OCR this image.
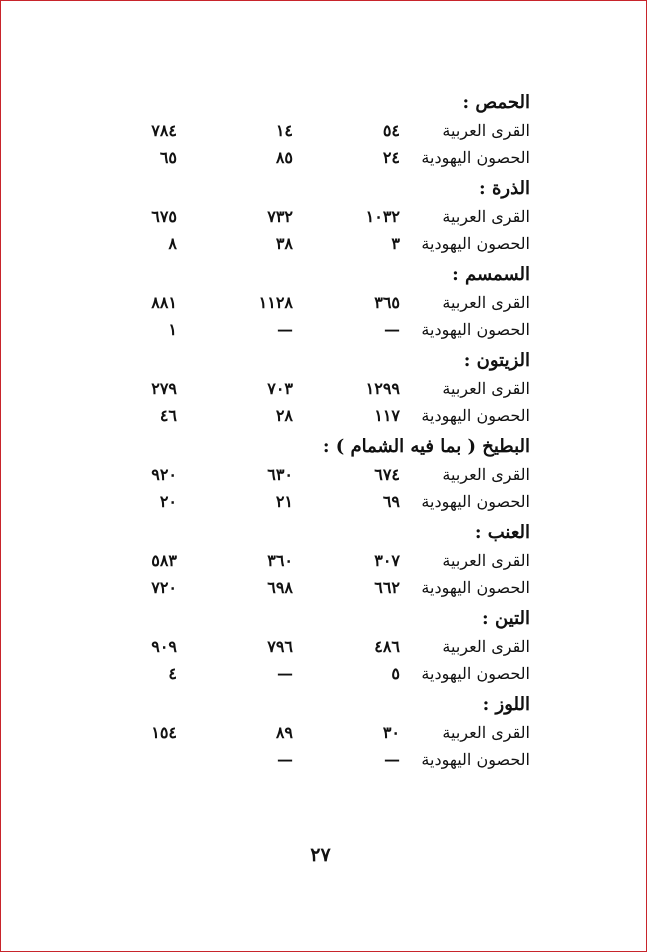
الحمص :
القرى العربية
٥٤
١٤
٧٨٤
الحصون اليهودية
٢٤
٨٥
٦٥
الذرة :
القرى العربية
١٠٣٢
٧٣٢
٦٧٥
الحصون اليهودية
٣
٣٨
٨
السمسم :
القرى العربية
٣٦٥
١١٢٨
٨٨١
الحصون اليهودية
—
—
١
الزيتون :
القرى العربية
١٢٩٩
٧٠٣
٢٧٩
الحصون اليهودية
١١٧
٢٨
٤٦
البطيخ ( بما فيه الشمام ) :
القرى العربية
٦٧٤
٦٣٠
٩٢٠
الحصون اليهودية
٦٩
٢١
٢٠
العنب :
القرى العربية
٣٠٧
٣٦٠
٥٨٣
الحصون اليهودية
٦٦٢
٦٩٨
٧٢٠
التين :
القرى العربية
٤٨٦
٧٩٦
٩٠٩
الحصون اليهودية
٥
—
٤
اللوز :
القرى العربية
٣٠
٨٩
١٥٤
الحصون اليهودية
—
—
٢٧
